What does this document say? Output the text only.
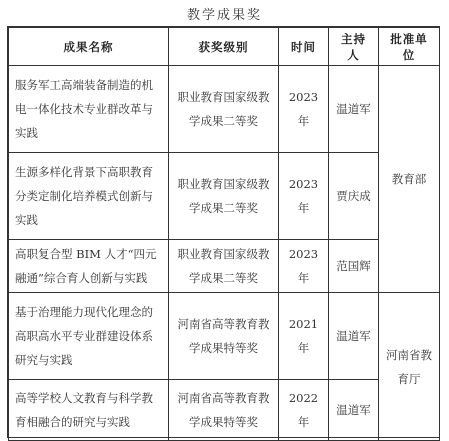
教学成果奖
成果名称	获奖级别	时间	主持人	批准单位
服务军工高端装备制造的机电一体化技术专业群改革与实践	职业教育国家级教学成果二等奖	2023 年	温道军	教育部
生源多样化背景下高职教育分类定制化培养模式创新与实践	职业教育国家级教学成果二等奖	2023 年	贾庆成	
高职复合型 BIM 人才“四元融通”综合育人创新与实践	职业教育国家级教学成果二等奖	2023 年	范国辉	
基于治理能力现代化理念的高职高水平专业群建设体系研究与实践	河南省高等教育教学成果特等奖	2021 年	温道军	河南省教育厅
高等学校人文教育与科学教育相融合的研究与实践	河南省高等教育教学成果特等奖	2022 年	温道军	
